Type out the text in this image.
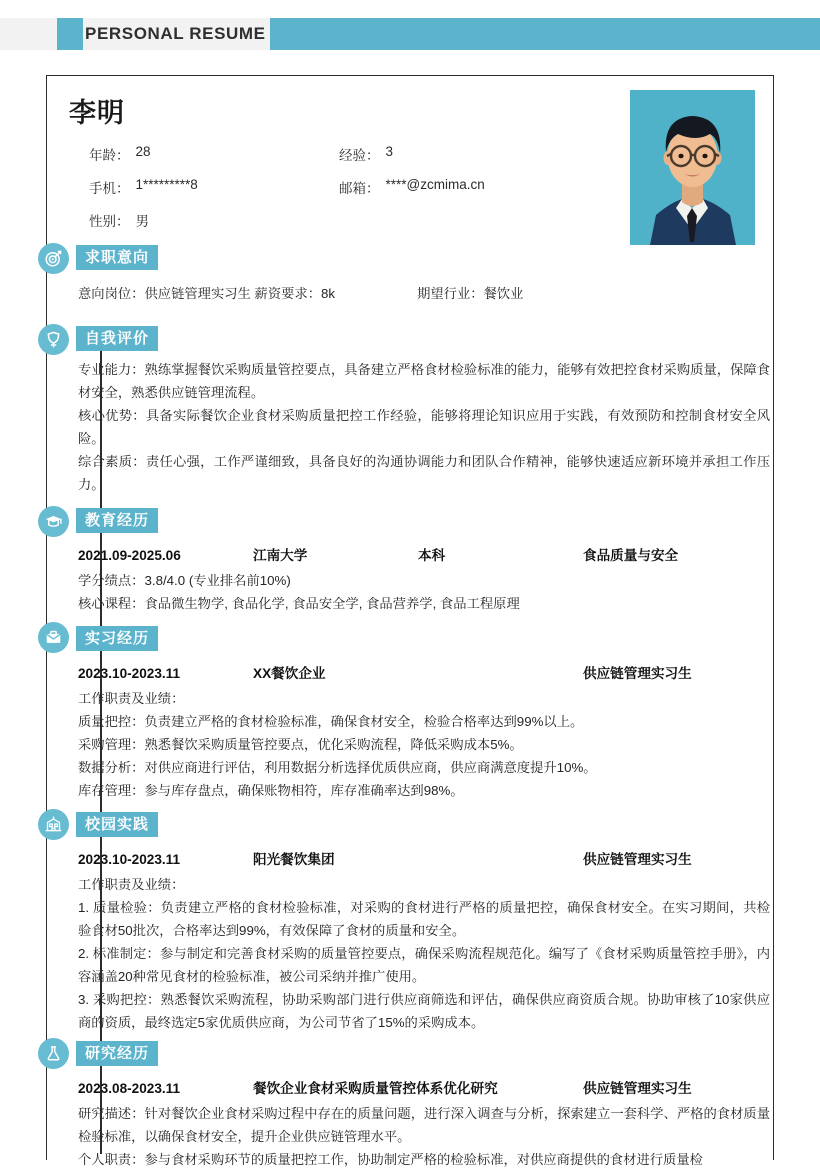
PERSONAL RESUME
李明
年龄： 28	经验： 3
手机： 1*********8	邮箱： ****@zcmima.cn
性别： 男
求职意向
意向岗位：供应链管理实习生 薪资要求：8k	期望行业：餐饮业
自我评价
专业能力：熟练掌握餐饮采购质量管控要点，具备建立严格食材检验标准的能力，能够有效把控食材采购质量，保障食材安全，熟悉供应链管理流程。
核心优势：具备实际餐饮企业食材采购质量把控工作经验，能够将理论知识应用于实践，有效预防和控制食材安全风险。
综合素质：责任心强，工作严谨细致，具备良好的沟通协调能力和团队合作精神，能够快速适应新环境并承担工作压力。
教育经历
2021.09-2025.06	江南大学	本科	食品质量与安全
学分绩点：3.8/4.0 (专业排名前10%)
核心课程：食品微生物学, 食品化学, 食品安全学, 食品营养学, 食品工程原理
实习经历
2023.10-2023.11	XX餐饮企业	供应链管理实习生
工作职责及业绩：
质量把控：负责建立严格的食材检验标准，确保食材安全，检验合格率达到99%以上。
采购管理：熟悉餐饮采购质量管控要点，优化采购流程，降低采购成本5%。
数据分析：对供应商进行评估，利用数据分析选择优质供应商，供应商满意度提升10%。
库存管理：参与库存盘点，确保账物相符，库存准确率达到98%。
校园实践
2023.10-2023.11	阳光餐饮集团	供应链管理实习生
工作职责及业绩：
1. 质量检验：负责建立严格的食材检验标准，对采购的食材进行严格的质量把控，确保食材安全。在实习期间，共检验食材50批次，合格率达到99%，有效保障了食材的质量和安全。
2. 标准制定：参与制定和完善食材采购的质量管控要点，确保采购流程规范化。编写了《食材采购质量管控手册》，内容涵盖20种常见食材的检验标准，被公司采纳并推广使用。
3. 采购把控：熟悉餐饮采购流程，协助采购部门进行供应商筛选和评估，确保供应商资质合规。协助审核了10家供应商的资质，最终选定5家优质供应商，为公司节省了15%的采购成本。
研究经历
2023.08-2023.11	餐饮企业食材采购质量管控体系优化研究	供应链管理实习生
研究描述：针对餐饮企业食材采购过程中存在的质量问题，进行深入调查与分析，探索建立一套科学、严格的食材质量检验标准，以确保食材安全，提升企业供应链管理水平。
个人职责：参与食材采购环节的质量把控工作，协助制定严格的检验标准，对供应商提供的食材进行质量检
